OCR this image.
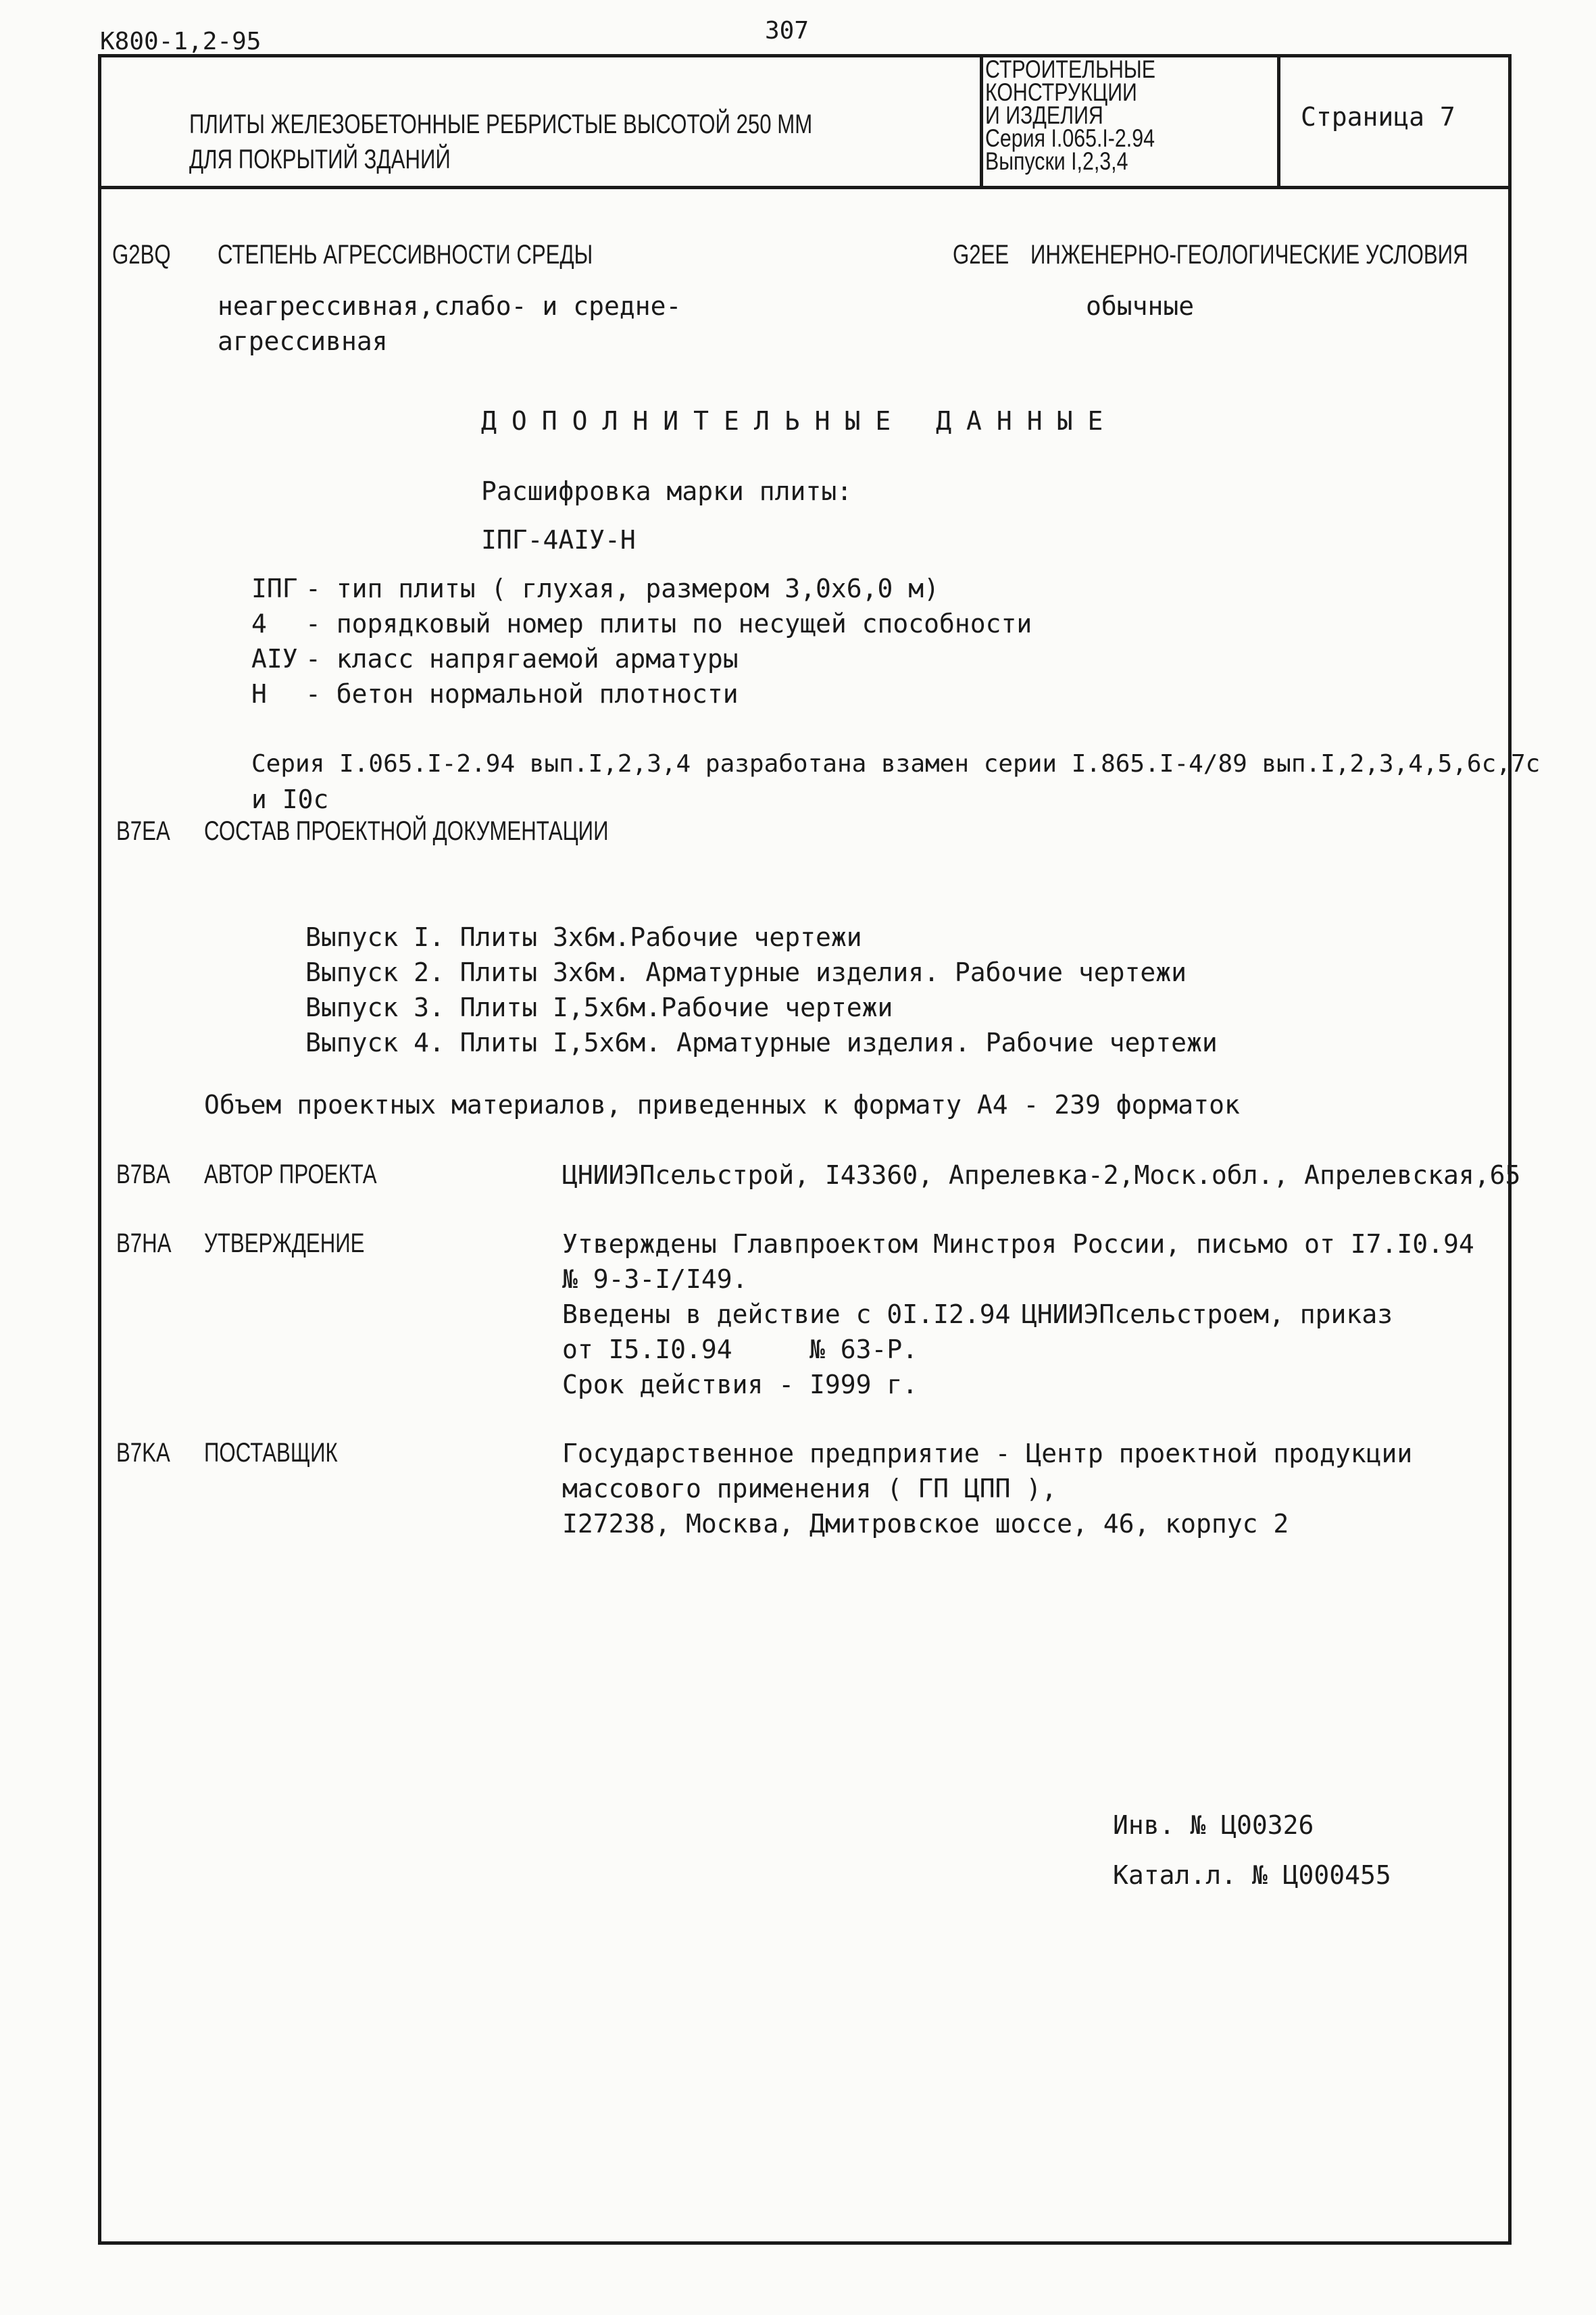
К800-1,2-95	307
ПЛИТЫ ЖЕЛЕЗОБЕТОННЫЕ РЕБРИСТЫЕ ВЫСОТОЙ 250 ММ
ДЛЯ ПОКРЫТИЙ ЗДАНИЙ
СТРОИТЕЛЬНЫЕ
КОНСТРУКЦИИ
И ИЗДЕЛИЯ
Серия I.065.I-2.94
Выпуски I,2,3,4
Страница 7
G2BQ СТЕПЕНЬ АГРЕССИВНОСТИ СРЕДЫ
неагрессивная,слабо- и средне-
агрессивная
G2EE ИНЖЕНЕРНО-ГЕОЛОГИЧЕСКИЕ УСЛОВИЯ
обычные
ДОПОЛНИТЕЛЬНЫЕ ДАННЫЕ
Расшифровка марки плиты:
IПГ-4АIУ-Н
IПГ - тип плиты ( глухая, размером 3,0х6,0 м)
4 - порядковый номер плиты по несущей способности
АIУ - класс напрягаемой арматуры
Н - бетон нормальной плотности
Серия I.065.I-2.94 вып.I,2,3,4 разработана взамен серии I.865.I-4/89 вып.I,2,3,4,5,6с,7с
и I0с
B7EA СОСТАВ ПРОЕКТНОЙ ДОКУМЕНТАЦИИ
Выпуск I. Плиты 3х6м.Рабочие чертежи
Выпуск 2. Плиты 3х6м. Арматурные изделия. Рабочие чертежи
Выпуск 3. Плиты I,5х6м.Рабочие чертежи
Выпуск 4. Плиты I,5х6м. Арматурные изделия. Рабочие чертежи
Объем проектных материалов, приведенных к формату А4 - 239 форматок
B7BA АВТОР ПРОЕКТА	ЦНИИЭПсельстрой, I43360, Апрелевка-2,Моск.обл., Апрелевская,65
B7HA УТВЕРЖДЕНИЕ	Утверждены Главпроектом Минстроя России, письмо от I7.I0.94
№ 9-3-I/I49.
Введены в действие с 0I.I2.94 ЦНИИЭПсельстроем, приказ
от I5.I0.94     № 63-Р.
Срок действия - I999 г.
B7KA ПОСТАВЩИК	Государственное предприятие - Центр проектной продукции
массового применения ( ГП ЦПП ),
I27238, Москва, Дмитровское шоссе, 46, корпус 2
Инв. № Ц00326
Катал.л. № Ц000455
